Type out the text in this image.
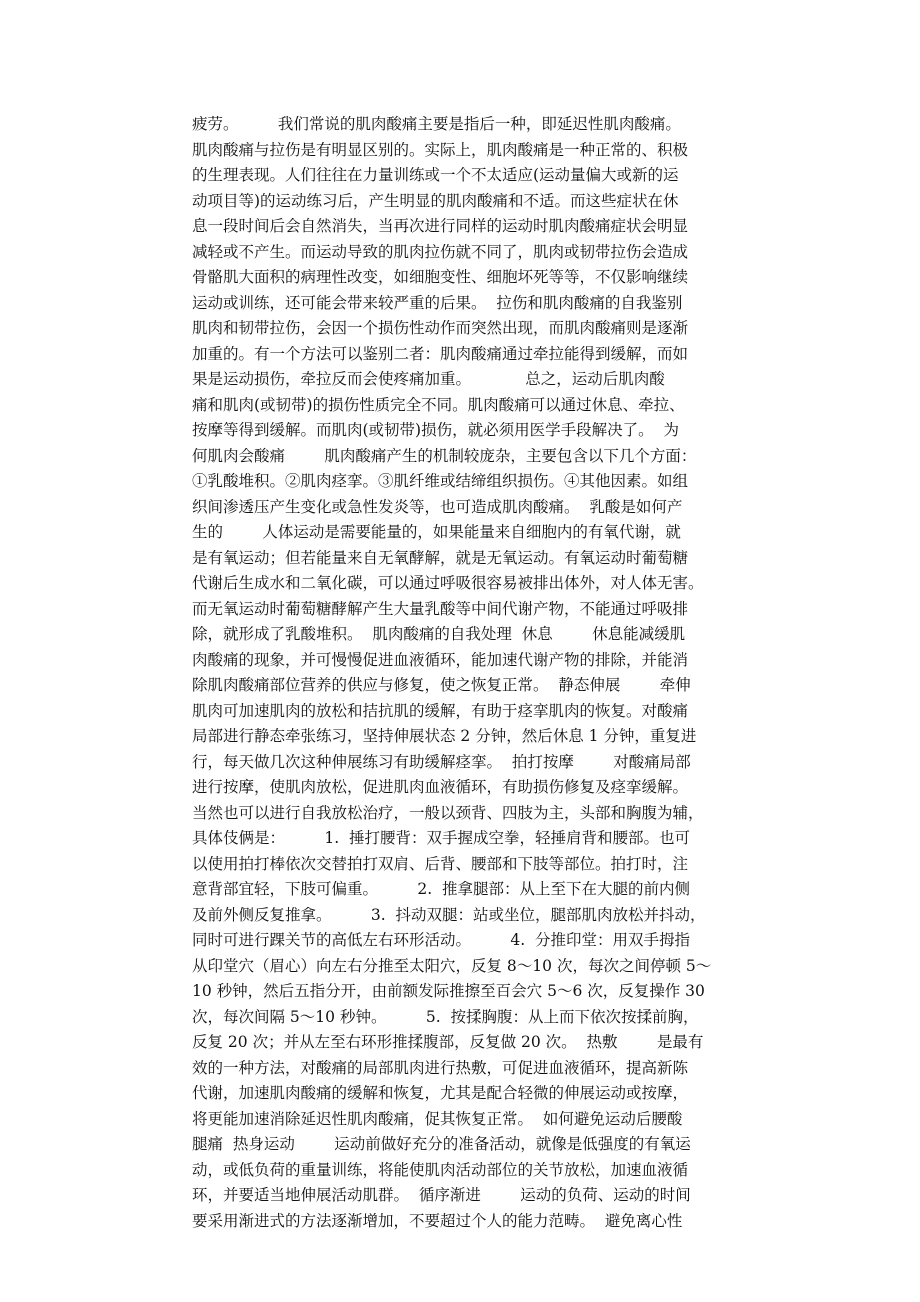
疲劳。        我们常说的肌肉酸痛主要是指后一种，即延迟性肌肉酸痛。
肌肉酸痛与拉伤是有明显区别的。实际上，肌肉酸痛是一种正常的、积极
的生理表现。人们往往在力量训练或一个不太适应(运动量偏大或新的运
动项目等)的运动练习后，产生明显的肌肉酸痛和不适。而这些症状在休
息一段时间后会自然消失，当再次进行同样的运动时肌肉酸痛症状会明显
减轻或不产生。而运动导致的肌肉拉伤就不同了，肌肉或韧带拉伤会造成
骨骼肌大面积的病理性改变，如细胞变性、细胞坏死等等，不仅影响继续
运动或训练，还可能会带来较严重的后果。  拉伤和肌肉酸痛的自我鉴别
肌肉和韧带拉伤，会因一个损伤性动作而突然出现，而肌肉酸痛则是逐渐
加重的。有一个方法可以鉴别二者：肌肉酸痛通过牵拉能得到缓解，而如
果是运动损伤，牵拉反而会使疼痛加重。           总之，运动后肌肉酸
痛和肌肉(或韧带)的损伤性质完全不同。肌肉酸痛可以通过休息、牵拉、
按摩等得到缓解。而肌肉(或韧带)损伤，就必须用医学手段解决了。  为
何肌肉会酸痛        肌肉酸痛产生的机制较庞杂，主要包含以下几个方面：
①乳酸堆积。②肌肉痉挛。③肌纤维或结缔组织损伤。④其他因素。如组
织间渗透压产生变化或急性发炎等，也可造成肌肉酸痛。  乳酸是如何产
生的        人体运动是需要能量的，如果能量来自细胞内的有氧代谢，就
是有氧运动；但若能量来自无氧酵解，就是无氧运动。有氧运动时葡萄糖
代谢后生成水和二氧化碳，可以通过呼吸很容易被排出体外，对人体无害。
而无氧运动时葡萄糖酵解产生大量乳酸等中间代谢产物，不能通过呼吸排
除，就形成了乳酸堆积。  肌肉酸痛的自我处理  休息        休息能减缓肌
肉酸痛的现象，并可慢慢促进血液循环，能加速代谢产物的排除，并能消
除肌肉酸痛部位营养的供应与修复，使之恢复正常。  静态伸展        牵伸
肌肉可加速肌肉的放松和拮抗肌的缓解，有助于痉挛肌肉的恢复。对酸痛
局部进行静态牵张练习，坚持伸展状态 2 分钟，然后休息 1 分钟，重复进
行，每天做几次这种伸展练习有助缓解痉挛。  拍打按摩        对酸痛局部
进行按摩，使肌肉放松，促进肌肉血液循环，有助损伤修复及痉挛缓解。
当然也可以进行自我放松治疗，一般以颈背、四肢为主，头部和胸腹为辅，
具体伎俩是：        1.  捶打腰背：双手握成空拳，轻捶肩背和腰部。也可
以使用拍打棒依次交替拍打双肩、后背、腰部和下肢等部位。拍打时，注
意背部宜轻，下肢可偏重。        2.  推拿腿部：从上至下在大腿的前内侧
及前外侧反复推拿。        3.  抖动双腿：站或坐位，腿部肌肉放松并抖动，
同时可进行踝关节的高低左右环形活动。        4.  分推印堂：用双手拇指
从印堂穴（眉心）向左右分推至太阳穴，反复 8～10 次，每次之间停顿 5～
10 秒钟，然后五指分开，由前额发际推擦至百会穴 5～6 次，反复操作 30
次，每次间隔 5～10 秒钟。        5.  按揉胸腹：从上而下依次按揉前胸，
反复 20 次；并从左至右环形推揉腹部，反复做 20 次。  热敷        是最有
效的一种方法，对酸痛的局部肌肉进行热敷，可促进血液循环，提高新陈
代谢，加速肌肉酸痛的缓解和恢复，尤其是配合轻微的伸展运动或按摩，
将更能加速消除延迟性肌肉酸痛，促其恢复正常。  如何避免运动后腰酸
腿痛  热身运动        运动前做好充分的准备活动，就像是低强度的有氧运
动，或低负荷的重量训练，将能使肌肉活动部位的关节放松，加速血液循
环，并要适当地伸展活动肌群。  循序渐进        运动的负荷、运动的时间
要采用渐进式的方法逐渐增加，不要超过个人的能力范畴。  避免离心性
